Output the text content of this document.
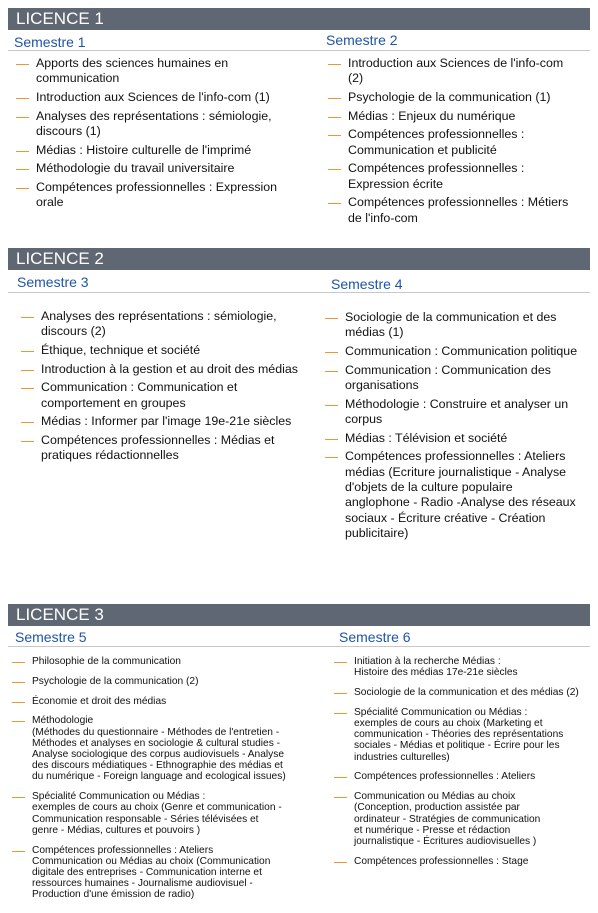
LICENCE 1
Semestre 1	Semestre 2
— Apports des sciences humaines en communication
— Introduction aux Sciences de l'info-com (1)
— Analyses des représentations : sémiologie, discours (1)
— Médias : Histoire culturelle de l'imprimé
— Méthodologie du travail universitaire
— Compétences professionnelles : Expression orale
— Introduction aux Sciences de l'info-com (2)
— Psychologie de la communication (1)
— Médias : Enjeux du numérique
— Compétences professionnelles : Communication et publicité
— Compétences professionnelles : Expression écrite
— Compétences professionnelles : Métiers de l'info-com
LICENCE 2
Semestre 3	Semestre 4
— Analyses des représentations : sémiologie, discours (2)
— Éthique, technique et société
— Introduction à la gestion et au droit des médias
— Communication : Communication et comportement en groupes
— Médias : Informer par l'image 19e-21e siècles
— Compétences professionnelles : Médias et pratiques rédactionnelles
— Sociologie de la communication et des médias (1)
— Communication : Communication politique
— Communication : Communication des organisations
— Méthodologie : Construire et analyser un corpus
— Médias : Télévision et société
— Compétences professionnelles : Ateliers médias (Ecriture journalistique - Analyse d'objets de la culture populaire anglophone - Radio -Analyse des réseaux sociaux - Écriture créative - Création publicitaire)
LICENCE 3
Semestre 5	Semestre 6
— Philosophie de la communication
— Psychologie de la communication (2)
— Économie et droit des médias
— Méthodologie
(Méthodes du questionnaire - Méthodes de l'entretien -
Méthodes et analyses en sociologie & cultural studies -
Analyse sociologique des corpus audiovisuels - Analyse
des discours médiatiques - Ethnographie des médias et
du numérique - Foreign language and ecological issues)
— Spécialité Communication ou Médias :
exemples de cours au choix (Genre et communication -
Communication responsable - Séries télévisées et
genre - Médias, cultures et pouvoirs )
— Compétences professionnelles : Ateliers
Communication ou Médias au choix (Communication
digitale des entreprises - Communication interne et
ressources humaines - Journalisme audiovisuel -
Production d'une émission de radio)
— Initiation à la recherche Médias :
Histoire des médias 17e-21e siècles
— Sociologie de la communication et des médias (2)
— Spécialité Communication ou Médias :
exemples de cours au choix (Marketing et
communication - Théories des représentations
sociales - Médias et politique - Écrire pour les
industries culturelles)
— Compétences professionnelles : Ateliers
— Communication ou Médias au choix
(Conception, production assistée par
ordinateur - Stratégies de communication
et numérique - Presse et rédaction
journalistique - Écritures audiovisuelles )
— Compétences professionnelles : Stage
